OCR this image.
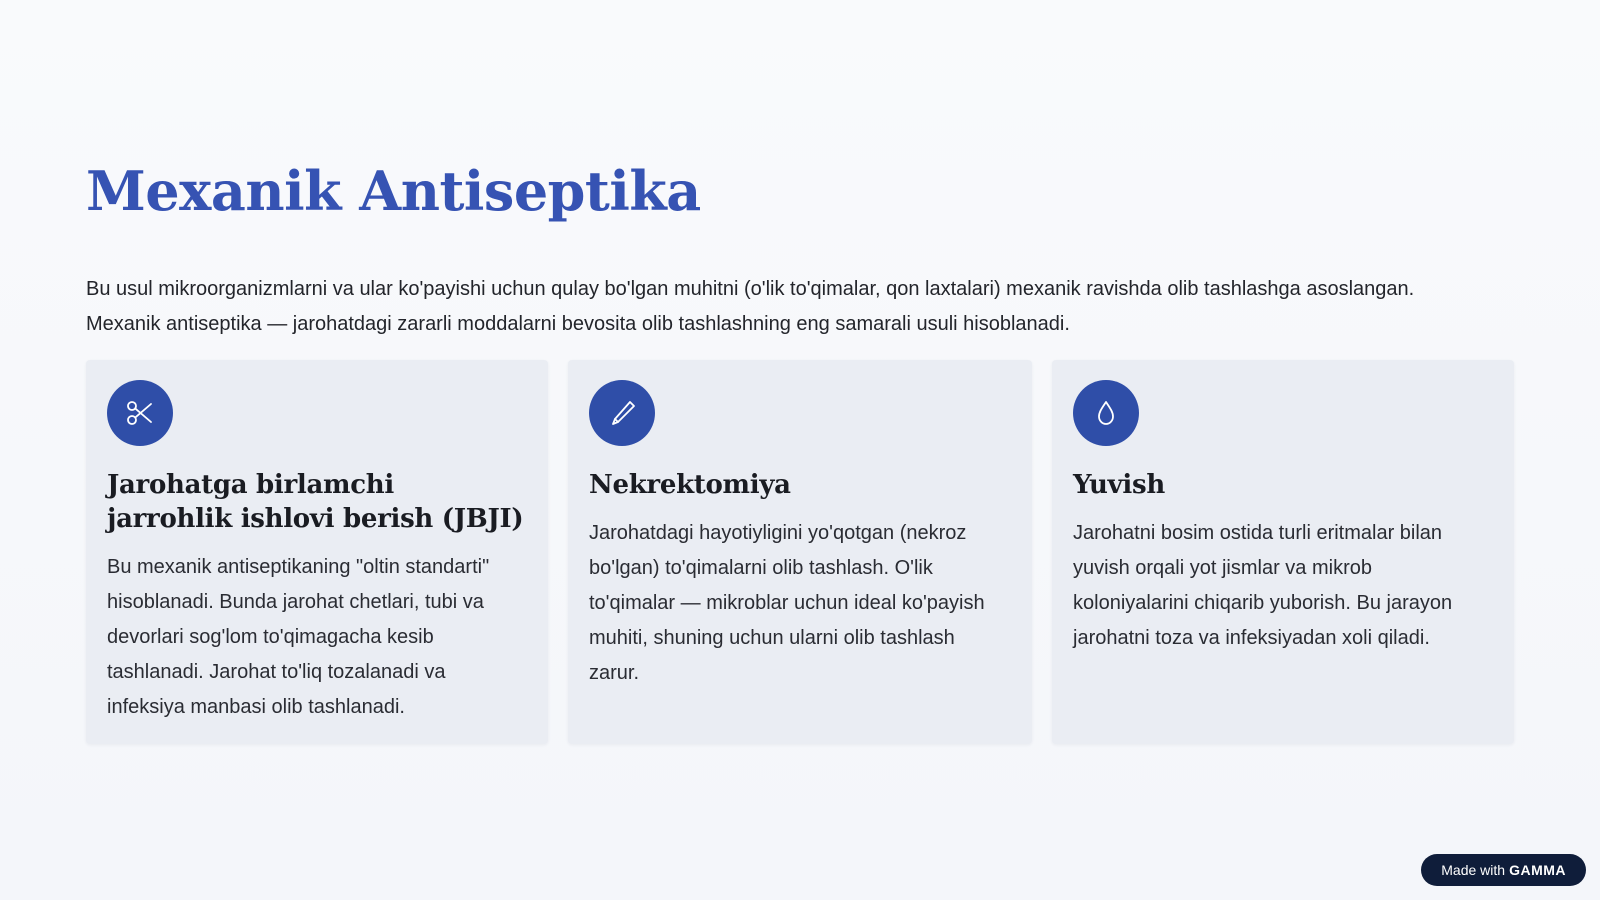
Mexanik Antiseptika

Bu usul mikroorganizmlarni va ular ko'payishi uchun qulay bo'lgan muhitni (o'lik to'qimalar, qon laxtalari) mexanik ravishda olib tashlashga asoslangan.

Mexanik antiseptika — jarohatdagi zararli moddalarni bevosita olib tashlashning eng samarali usuli hisoblanadi.

Jarohatga birlamchi jarrohlik ishlovi berish (JBJI)

Bu mexanik antiseptikaning "oltin standarti" hisoblanadi. Bunda jarohat chetlari, tubi va devorlari sog'lom to'qimagacha kesib tashlanadi. Jarohat to'liq tozalanadi va infeksiya manbasi olib tashlanadi.

Nekrektomiya

Jarohatdagi hayotiyligini yo'qotgan (nekroz bo'lgan) to'qimalarni olib tashlash. O'lik to'qimalar — mikroblar uchun ideal ko'payish muhiti, shuning uchun ularni olib tashlash zarur.

Yuvish

Jarohatni bosim ostida turli eritmalar bilan yuvish orqali yot jismlar va mikrob koloniyalarini chiqarib yuborish. Bu jarayon jarohatni toza va infeksiyadan xoli qiladi.

Made with GAMMA
